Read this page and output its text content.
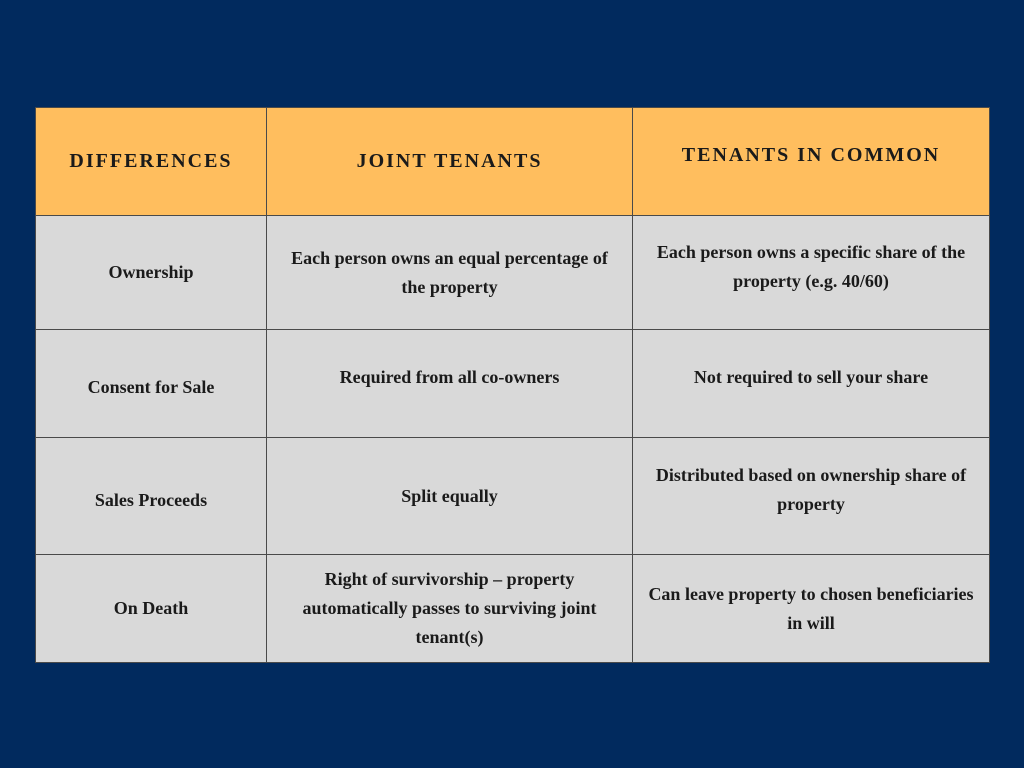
DIFFERENCES	JOINT TENANTS	TENANTS IN COMMON
Ownership	Each person owns an equal percentage of the property	Each person owns a specific share of the property (e.g. 40/60)

Consent for Sale	Required from all co-owners	Not required to sell your share

Sales Proceeds	Split equally	Distributed based on ownership share of property

On Death	Right of survivorship – property automatically passes to surviving joint tenant(s)	Can leave property to chosen beneficiaries in will
